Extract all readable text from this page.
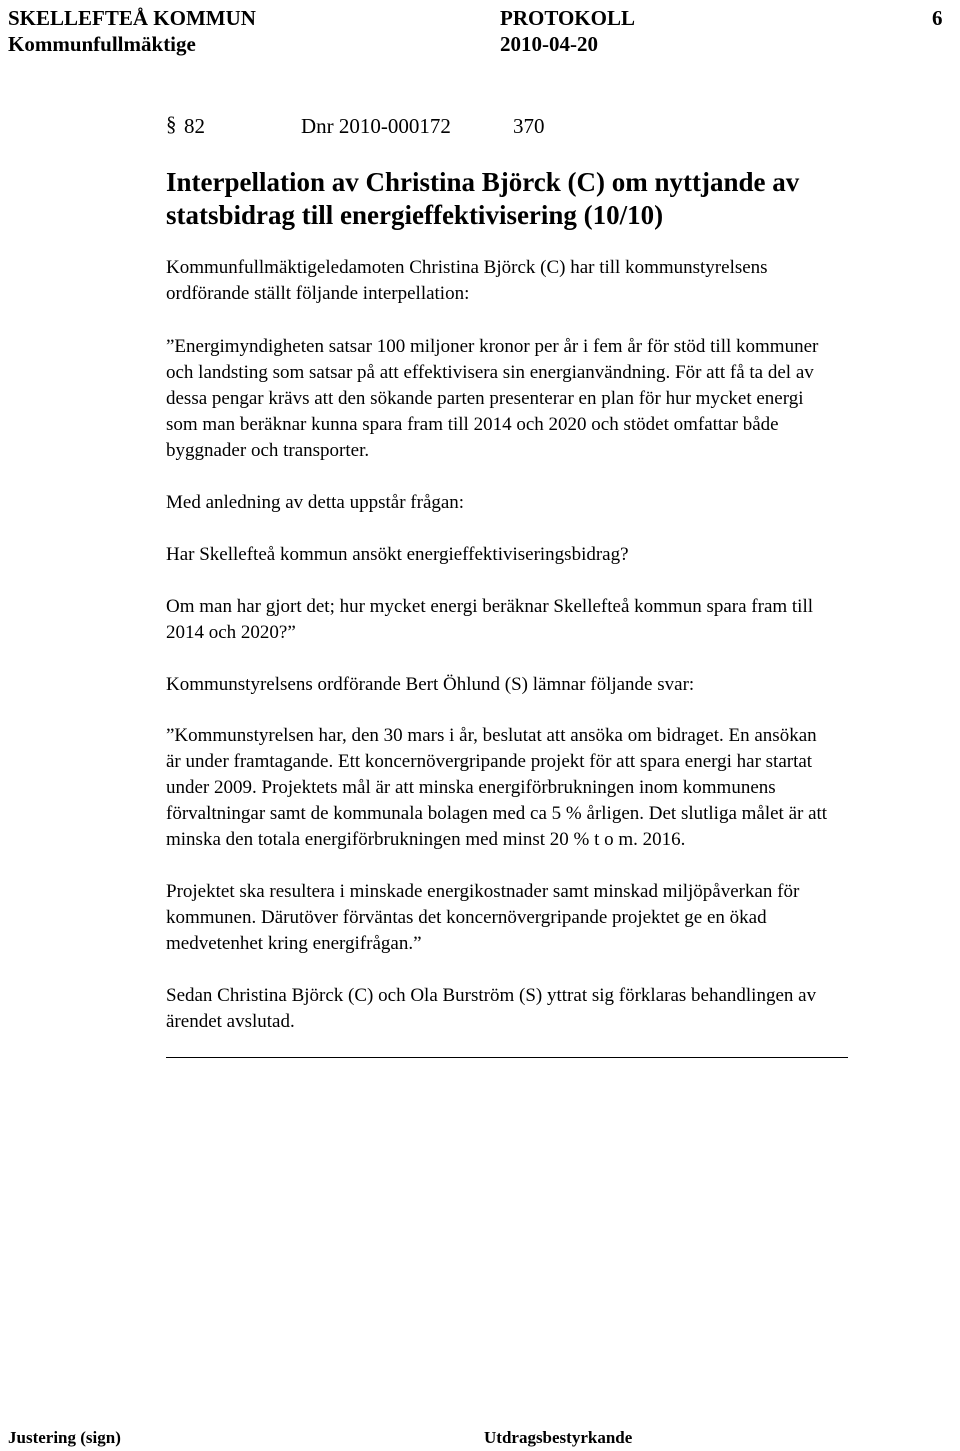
SKELLEFTEÅ KOMMUN	PROTOKOLL	6
Kommunfullmäktige	2010-04-20
§ 82	Dnr 2010-000172	370
Interpellation av Christina Björck (C) om nyttjande av
statsbidrag till energieffektivisering (10/10)
Kommunfullmäktigeledamoten Christina Björck (C) har till kommunstyrelsens
ordförande ställt följande interpellation:
”Energimyndigheten satsar 100 miljoner kronor per år i fem år för stöd till kommuner
och landsting som satsar på att effektivisera sin energianvändning. För att få ta del av
dessa pengar krävs att den sökande parten presenterar en plan för hur mycket energi
som man beräknar kunna spara fram till 2014 och 2020 och stödet omfattar både
byggnader och transporter.
Med anledning av detta uppstår frågan:
Har Skellefteå kommun ansökt energieffektiviseringsbidrag?
Om man har gjort det; hur mycket energi beräknar Skellefteå kommun spara fram till
2014 och 2020?”
Kommunstyrelsens ordförande Bert Öhlund (S) lämnar följande svar:
”Kommunstyrelsen har, den 30 mars i år, beslutat att ansöka om bidraget. En ansökan
är under framtagande. Ett koncernövergripande projekt för att spara energi har startat
under 2009. Projektets mål är att minska energiförbrukningen inom kommunens
förvaltningar samt de kommunala bolagen med ca 5 % årligen. Det slutliga målet är att
minska den totala energiförbrukningen med minst 20 % t o m. 2016.
Projektet ska resultera i minskade energikostnader samt minskad miljöpåverkan för
kommunen. Därutöver förväntas det koncernövergripande projektet ge en ökad
medvetenhet kring energifrågan.”
Sedan Christina Björck (C) och Ola Burström (S) yttrat sig förklaras behandlingen av
ärendet avslutad.
Justering (sign)	Utdragsbestyrkande
